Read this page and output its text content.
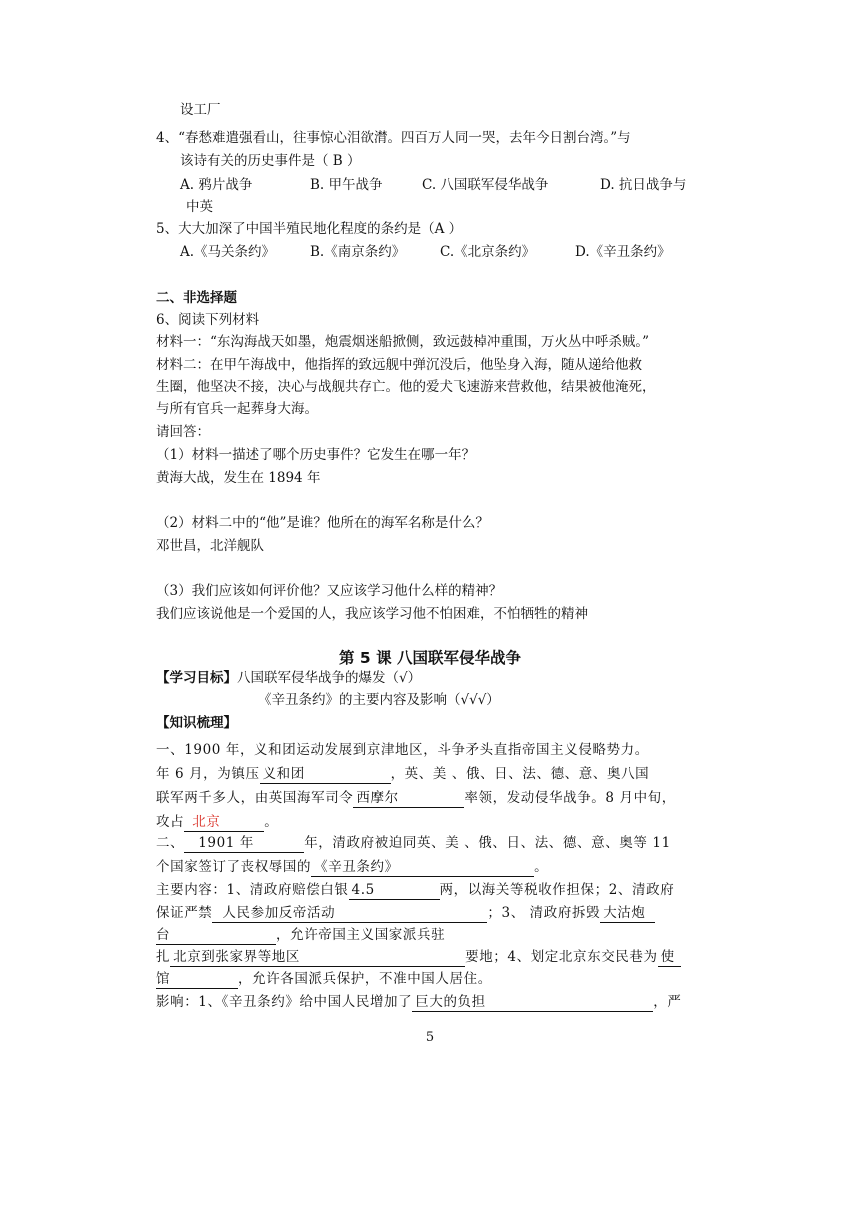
设工厂
4、“春愁难遣强看山，往事惊心泪欲潸。四百万人同一哭，去年今日割台湾。”与
该诗有关的历史事件是（ B ）
A. 鸦片战争	B. 甲午战争	C. 八国联军侵华战争	D. 抗日战争与
中英
5、大大加深了中国半殖民地化程度的条约是（A ）
A.《马关条约》	B.《南京条约》	C.《北京条约》	D.《辛丑条约》
二、非选择题
6、阅读下列材料
材料一：“东沟海战天如墨，炮震烟迷船掀侧，致远鼓棹冲重围，万火丛中呼杀贼。”
材料二：在甲午海战中，他指挥的致远舰中弹沉没后，他坠身入海，随从递给他救
生圈，他坚决不接，决心与战舰共存亡。他的爱犬飞速游来营救他，结果被他淹死，
与所有官兵一起葬身大海。
请回答：
（1）材料一描述了哪个历史事件？它发生在哪一年？
黄海大战，发生在 1894 年
（2）材料二中的“他”是谁？他所在的海军名称是什么？
邓世昌，北洋舰队
（3）我们应该如何评价他？又应该学习他什么样的精神？
我们应该说他是一个爱国的人，我应该学习他不怕困难，不怕牺牲的精神
第 5 课 八国联军侵华战争
【学习目标】八国联军侵华战争的爆发（√）
《辛丑条约》的主要内容及影响（√√√）
【知识梳理】
一、1900 年，义和团运动发展到京津地区，斗争矛头直指帝国主义侵略势力。
年 6 月，为镇压 义和团	，英、美 、俄、日、法、德、意、奥八国
联军两千多人，由英国海军司令 西摩尔	率领，发动侵华战争。8 月中旬，
攻占 北京	。
二、 1901 年	年，清政府被迫同英、美 、俄、日、法、德、意、奥等 11
个国家签订了丧权辱国的 《辛丑条约》	。
主要内容：1、清政府赔偿白银 4.5	两，以海关等税收作担保；2、清政府
保证严禁 人民参加反帝活动	；3、 清政府拆毁 大沽炮
台	，允许帝国主义国家派兵驻
扎 北京到张家界等地区	要地；4、划定北京东交民巷为 使
馆	，允许各国派兵保护，不准中国人居住。
影响：1、《辛丑条约》给中国人民增加了 巨大的负担	，严
5
